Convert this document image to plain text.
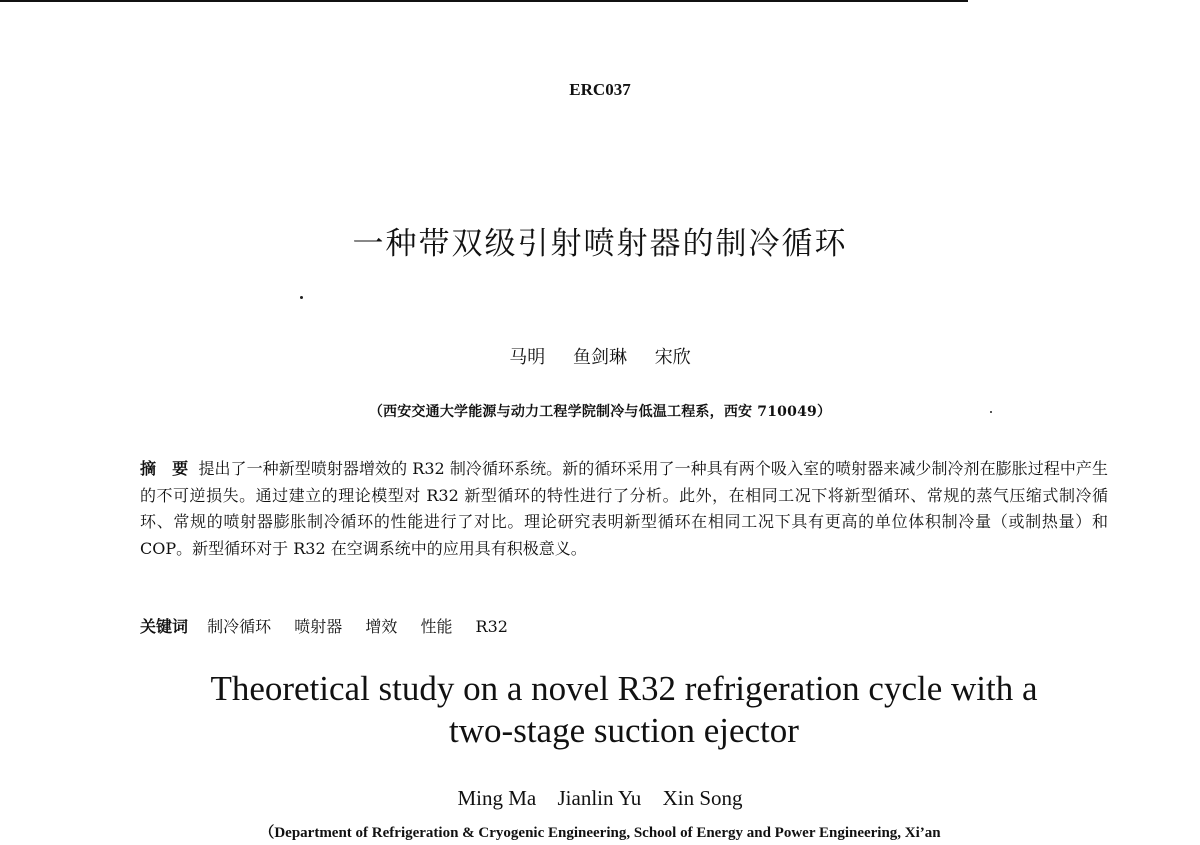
ERC037
一种带双级引射喷射器的制冷循环
马明 鱼剑琳 宋欣
（西安交通大学能源与动力工程学院制冷与低温工程系，西安 710049）
摘　要 提出了一种新型喷射器增效的 R32 制冷循环系统。新的循环采用了一种具有两个吸入室的喷射器来减少制冷剂在膨胀过程中产生的不可逆损失。通过建立的理论模型对 R32 新型循环的特性进行了分析。此外，在相同工况下将新型循环、常规的蒸气压缩式制冷循环、常规的喷射器膨胀制冷循环的性能进行了对比。理论研究表明新型循环在相同工况下具有更高的单位体积制冷量（或制热量）和 COP。新型循环对于 R32 在空调系统中的应用具有积极意义。
关键词 制冷循环 喷射器 增效 性能 R32
Theoretical study on a novel R32 refrigeration cycle with a
two-stage suction ejector
Ming Ma Jianlin Yu Xin Song
（Department of Refrigeration & Cryogenic Engineering, School of Energy and Power Engineering, Xi’an
